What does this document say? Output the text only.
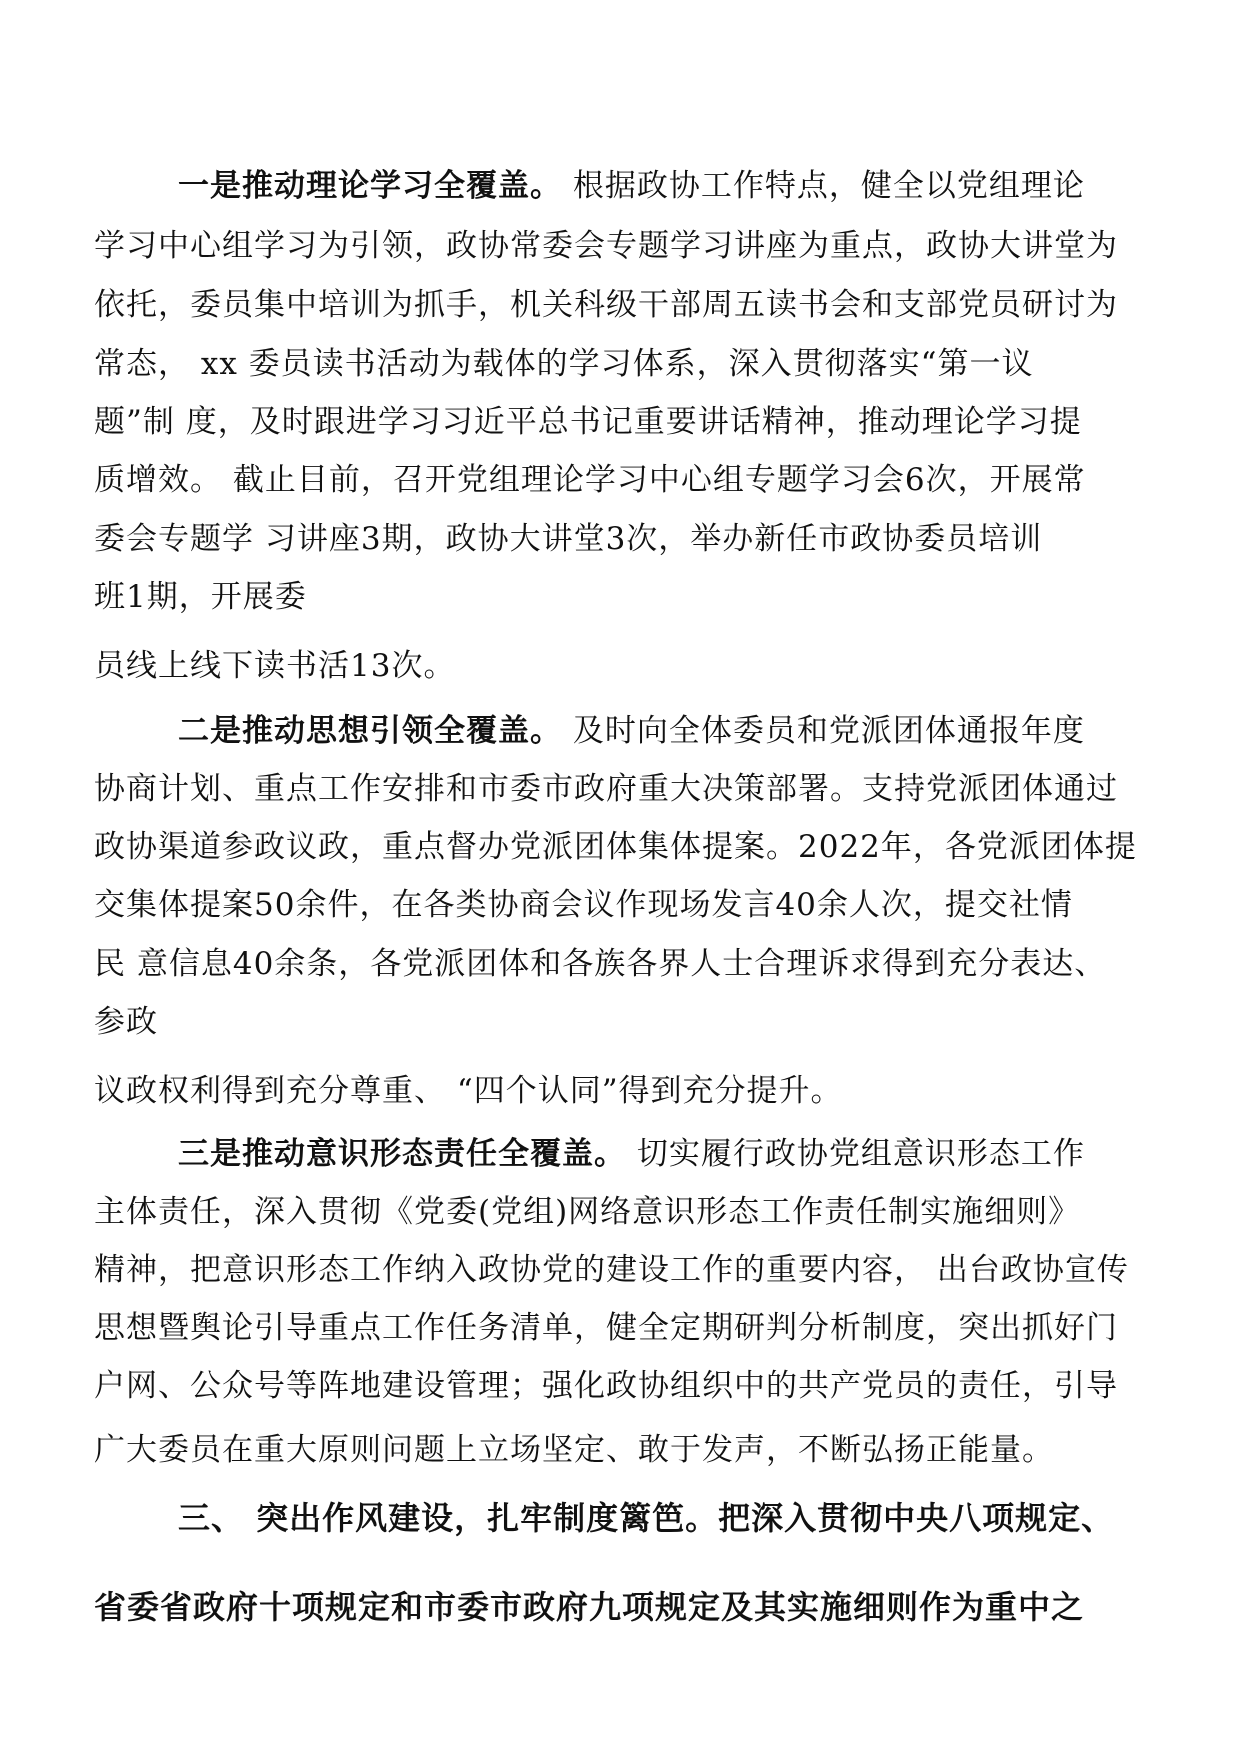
一是推动理论学习全覆盖。 根据政协工作特点，健全以党组理论
学习中心组学习为引领，政协常委会专题学习讲座为重点，政协大讲堂为
依托，委员集中培训为抓手，机关科级干部周五读书会和支部党员研讨为
常态， xx 委员读书活动为载体的学习体系，深入贯彻落实“第一议
题”制 度，及时跟进学习习近平总书记重要讲话精神，推动理论学习提
质增效。 截止目前，召开党组理论学习中心组专题学习会6次，开展常
委会专题学 习讲座3期，政协大讲堂3次，举办新任市政协委员培训
班1期，开展委
员线上线下读书活13次。
二是推动思想引领全覆盖。 及时向全体委员和党派团体通报年度
协商计划、重点工作安排和市委市政府重大决策部署。支持党派团体通过
政协渠道参政议政，重点督办党派团体集体提案。2022年，各党派团体提
交集体提案50余件，在各类协商会议作现场发言40余人次，提交社情
民 意信息40余条，各党派团体和各族各界人士合理诉求得到充分表达、
参政
议政权利得到充分尊重、 “四个认同”得到充分提升。
三是推动意识形态责任全覆盖。 切实履行政协党组意识形态工作
主体责任，深入贯彻《党委(党组)网络意识形态工作责任制实施细则》
精神，把意识形态工作纳入政协党的建设工作的重要内容， 出台政协宣传
思想暨舆论引导重点工作任务清单，健全定期研判分析制度，突出抓好门
户网、公众号等阵地建设管理；强化政协组织中的共产党员的责任，引导
广大委员在重大原则问题上立场坚定、敢于发声，不断弘扬正能量。
三、 突出作风建设，扎牢制度篱笆。把深入贯彻中央八项规定、
省委省政府十项规定和市委市政府九项规定及其实施细则作为重中之
